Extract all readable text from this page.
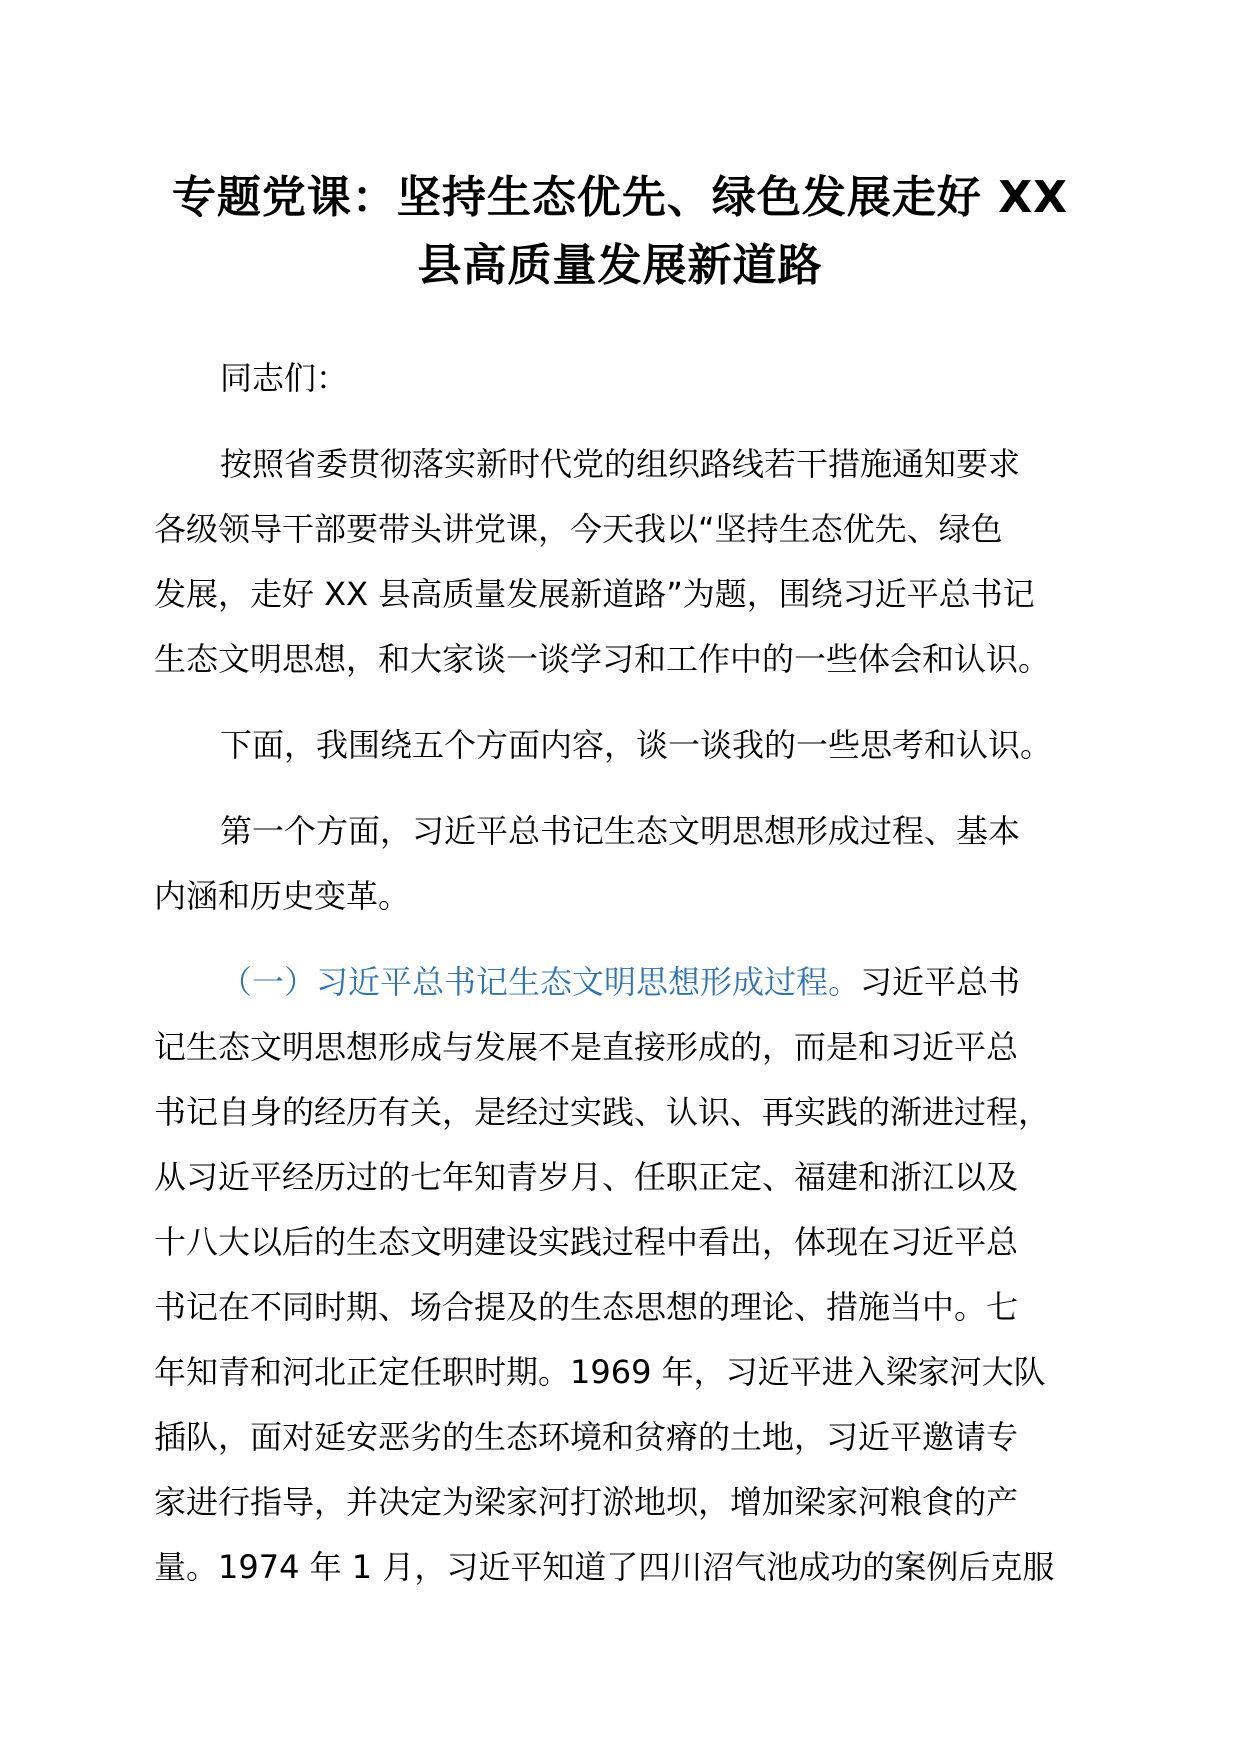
专题党课：坚持生态优先、绿色发展走好 XX
县高质量发展新道路

同志们：

按照省委贯彻落实新时代党的组织路线若干措施通知要求
各级领导干部要带头讲党课，今天我以“坚持生态优先、绿色
发展，走好 XX 县高质量发展新道路”为题，围绕习近平总书记
生态文明思想，和大家谈一谈学习和工作中的一些体会和认识。

下面，我围绕五个方面内容，谈一谈我的一些思考和认识。

第一个方面，习近平总书记生态文明思想形成过程、基本
内涵和历史变革。

（一）习近平总书记生态文明思想形成过程。习近平总书
记生态文明思想形成与发展不是直接形成的，而是和习近平总
书记自身的经历有关，是经过实践、认识、再实践的渐进过程，
从习近平经历过的七年知青岁月、任职正定、福建和浙江以及
十八大以后的生态文明建设实践过程中看出，体现在习近平总
书记在不同时期、场合提及的生态思想的理论、措施当中。七
年知青和河北正定任职时期。1969 年，习近平进入梁家河大队
插队，面对延安恶劣的生态环境和贫瘠的土地，习近平邀请专
家进行指导，并决定为梁家河打淤地坝，增加梁家河粮食的产
量。1974 年 1 月，习近平知道了四川沼气池成功的案例后克服
